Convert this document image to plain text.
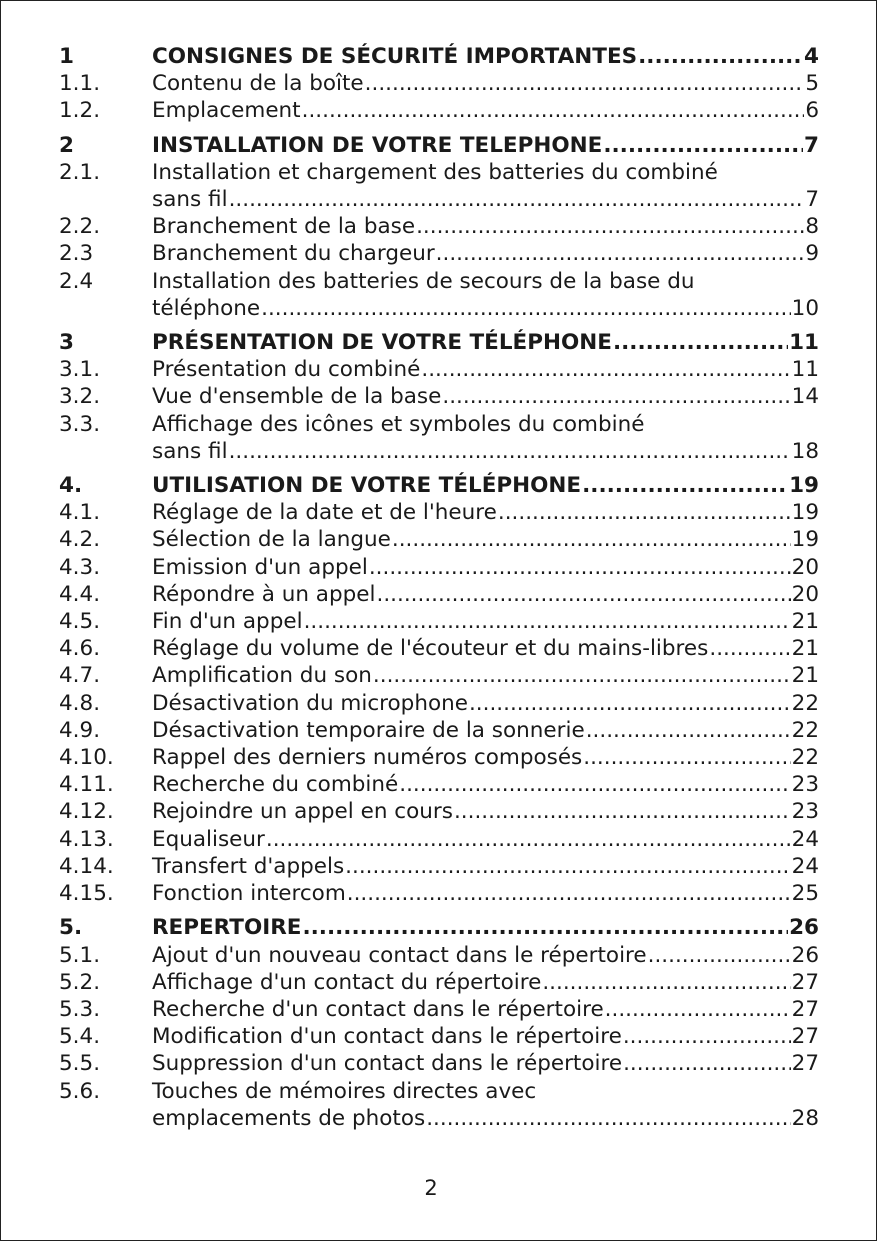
1	CONSIGNES DE SÉCURITÉ IMPORTANTES .....	4
1.1.	Contenu de la boîte .....	5
1.2.	Emplacement .....	6
2	INSTALLATION DE VOTRE TELEPHONE .....	7
2.1.	Installation et chargement des batteries du combiné
sans fil .....	7
2.2.	Branchement de la base .....	8
2.3	Branchement du chargeur .....	9
2.4	Installation des batteries de secours de la base du
téléphone .....	10
3	PRÉSENTATION DE VOTRE TÉLÉPHONE .....	11
3.1.	Présentation du combiné .....	11
3.2.	Vue d'ensemble de la base .....	14
3.3.	Affichage des icônes et symboles du combiné
sans fil .....	18
4.	UTILISATION DE VOTRE TÉLÉPHONE .....	19
4.1.	Réglage de la date et de l'heure .....	19
4.2.	Sélection de la langue .....	19
4.3.	Emission d'un appel .....	20
4.4.	Répondre à un appel .....	20
4.5.	Fin d'un appel .....	21
4.6.	Réglage du volume de l'écouteur et du mains-libres .....	21
4.7.	Amplification du son .....	21
4.8.	Désactivation du microphone .....	22
4.9.	Désactivation temporaire de la sonnerie .....	22
4.10.	Rappel des derniers numéros composés .....	22
4.11.	Recherche du combiné .....	23
4.12.	Rejoindre un appel en cours .....	23
4.13.	Equaliseur .....	24
4.14.	Transfert d'appels .....	24
4.15.	Fonction intercom .....	25
5.	REPERTOIRE .....	26
5.1.	Ajout d'un nouveau contact dans le répertoire .....	26
5.2.	Affichage d'un contact du répertoire .....	27
5.3.	Recherche d'un contact dans le répertoire .....	27
5.4.	Modification d'un contact dans le répertoire .....	27
5.5.	Suppression d'un contact dans le répertoire .....	27
5.6.	Touches de mémoires directes avec
emplacements de photos .....	28
2
